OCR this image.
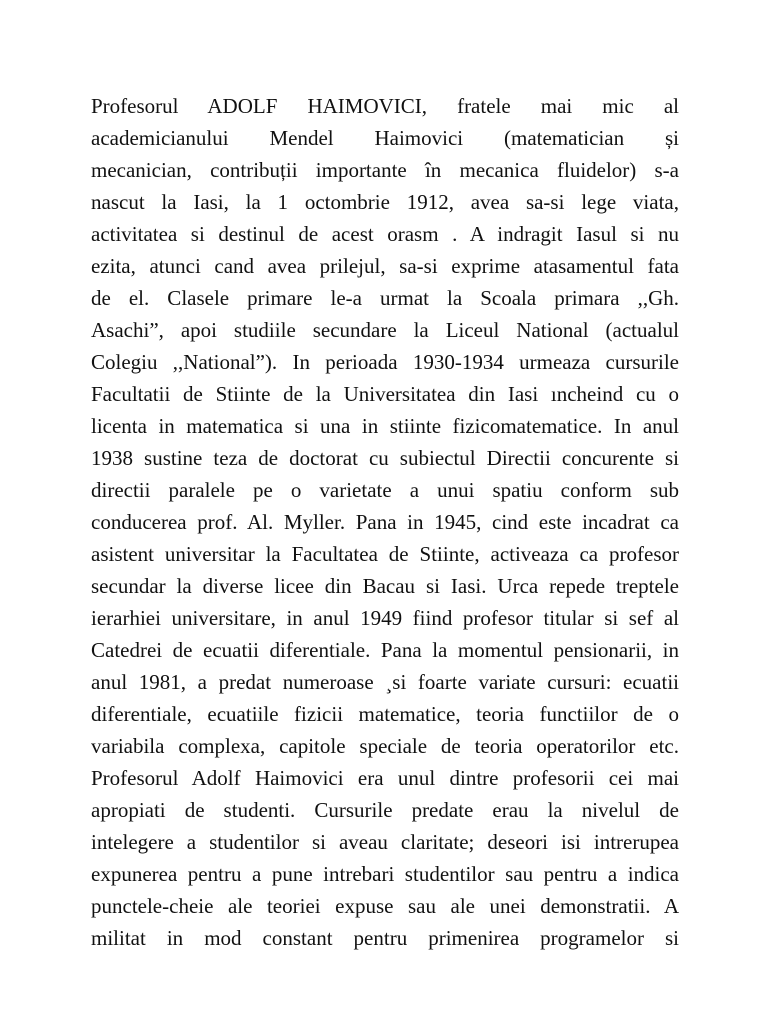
Profesorul ADOLF HAIMOVICI, fratele mai mic al
academicianului Mendel Haimovici (matematician și
mecanician, contribuții importante în mecanica fluidelor) s-a
nascut la Iasi, la 1 octombrie 1912, avea sa-si lege viata,
activitatea si destinul de acest orasm . A indragit Iasul si nu
ezita, atunci cand avea prilejul, sa-si exprime atasamentul fata
de el. Clasele primare le-a urmat la Scoala primara ,,Gh.
Asachi”, apoi studiile secundare la Liceul National (actualul
Colegiu ,,National”). In perioada 1930-1934 urmeaza cursurile
Facultatii de Stiinte de la Universitatea din Iasi ıncheind cu o
licenta in matematica si una in stiinte fizicomatematice. In anul
1938 sustine teza de doctorat cu subiectul Directii concurente si
directii paralele pe o varietate a unui spatiu conform sub
conducerea prof. Al. Myller. Pana in 1945, cind este incadrat ca
asistent universitar la Facultatea de Stiinte, activeaza ca profesor
secundar la diverse licee din Bacau si Iasi. Urca repede treptele
ierarhiei universitare, in anul 1949 fiind profesor titular si sef al
Catedrei de ecuatii diferentiale. Pana la momentul pensionarii, in
anul 1981, a predat numeroase ¸si foarte variate cursuri: ecuatii
diferentiale, ecuatiile fizicii matematice, teoria functiilor de o
variabila complexa, capitole speciale de teoria operatorilor etc.
Profesorul Adolf Haimovici era unul dintre profesorii cei mai
apropiati de studenti. Cursurile predate erau la nivelul de
intelegere a studentilor si aveau claritate; deseori isi intrerupea
expunerea pentru a pune intrebari studentilor sau pentru a indica
punctele-cheie ale teoriei expuse sau ale unei demonstratii. A
militat in mod constant pentru primenirea programelor si
